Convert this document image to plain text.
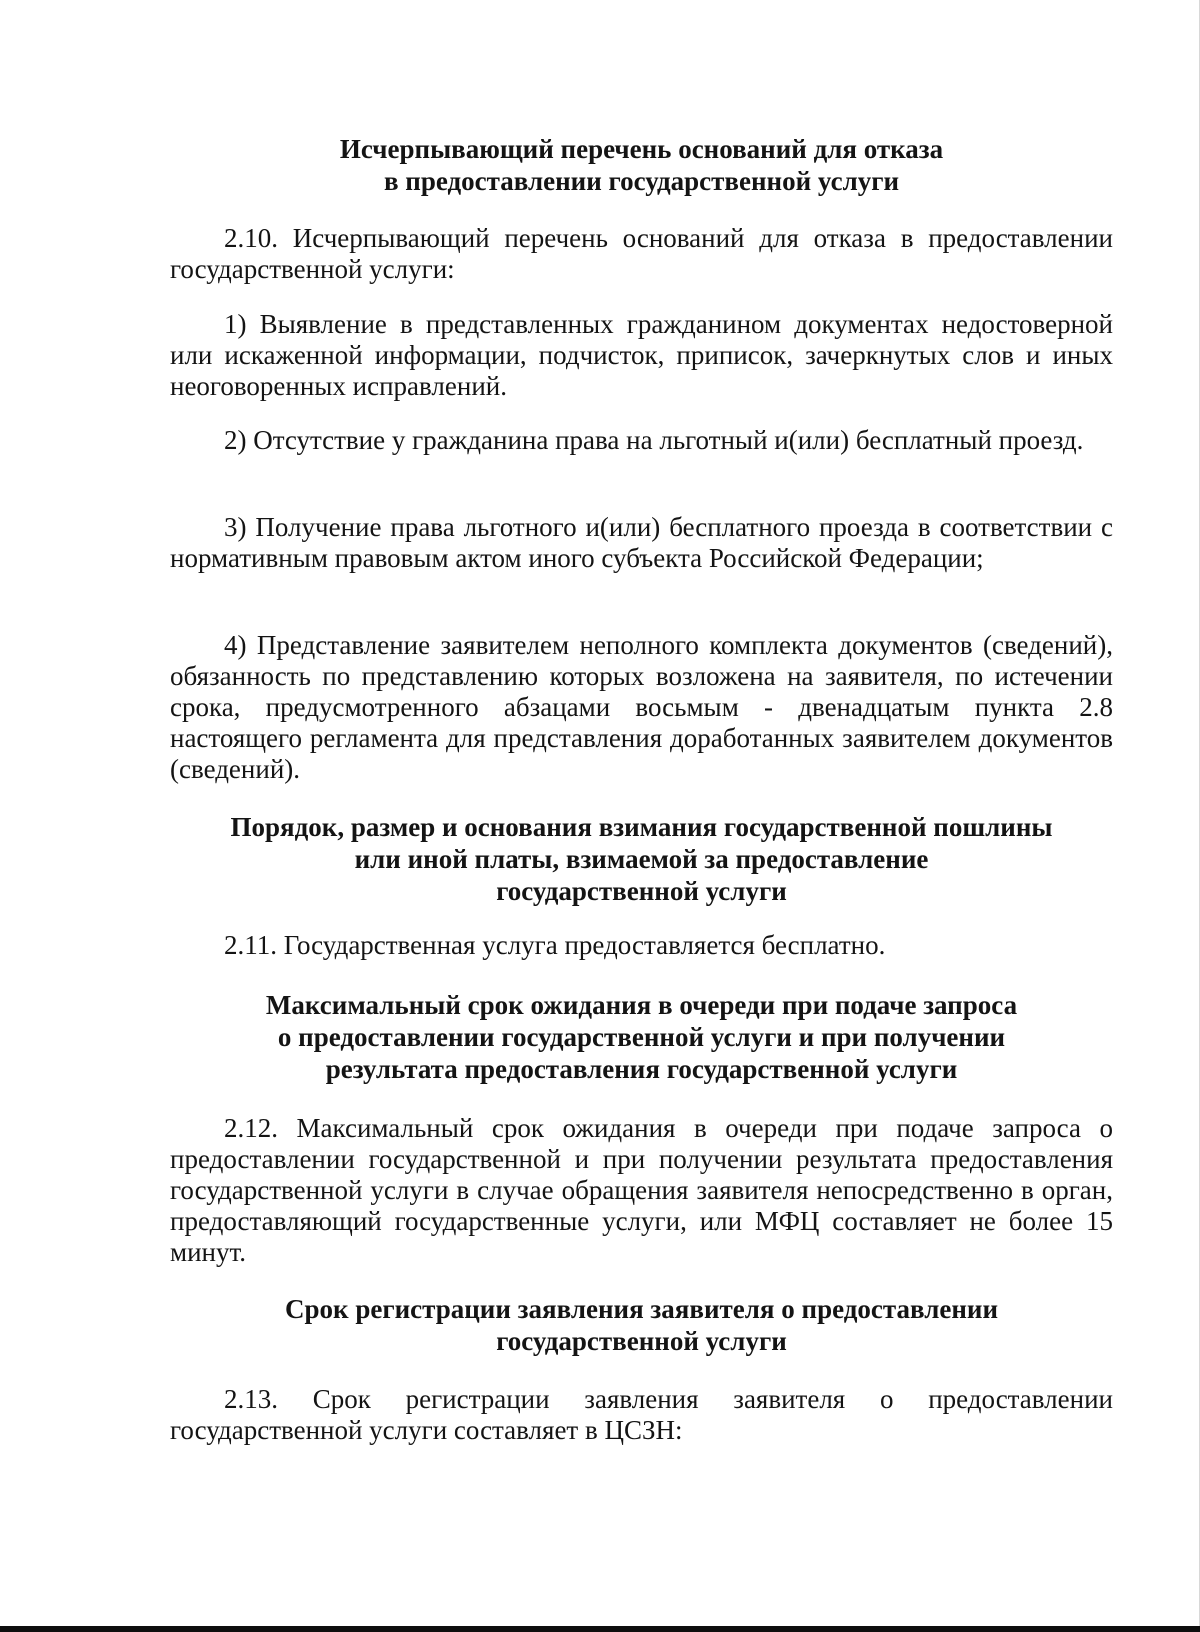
Исчерпывающий перечень оснований для отказа
в предоставлении государственной услуги
2.10. Исчерпывающий перечень оснований для отказа в предоставлении государственной услуги:
1) Выявление в представленных гражданином документах недостоверной или искаженной информации, подчисток, приписок, зачеркнутых слов и иных неоговоренных исправлений.
2) Отсутствие у гражданина права на льготный и(или) бесплатный проезд.
3) Получение права льготного и(или) бесплатного проезда в соответствии с нормативным правовым актом иного субъекта Российской Федерации;
4) Представление заявителем неполного комплекта документов (сведений), обязанность по представлению которых возложена на заявителя, по истечении срока, предусмотренного абзацами восьмым - двенадцатым пункта 2.8 настоящего регламента для представления доработанных заявителем документов (сведений).
Порядок, размер и основания взимания государственной пошлины
или иной платы, взимаемой за предоставление
государственной услуги
2.11. Государственная услуга предоставляется бесплатно.
Максимальный срок ожидания в очереди при подаче запроса
о предоставлении государственной услуги и при получении
результата предоставления государственной услуги
2.12. Максимальный срок ожидания в очереди при подаче запроса о предоставлении государственной и при получении результата предоставления государственной услуги в случае обращения заявителя непосредственно в орган, предоставляющий государственные услуги, или МФЦ составляет не более 15 минут.
Срок регистрации заявления заявителя о предоставлении
государственной услуги
2.13. Срок регистрации заявления заявителя о предоставлении государственной услуги составляет в ЦСЗН:
